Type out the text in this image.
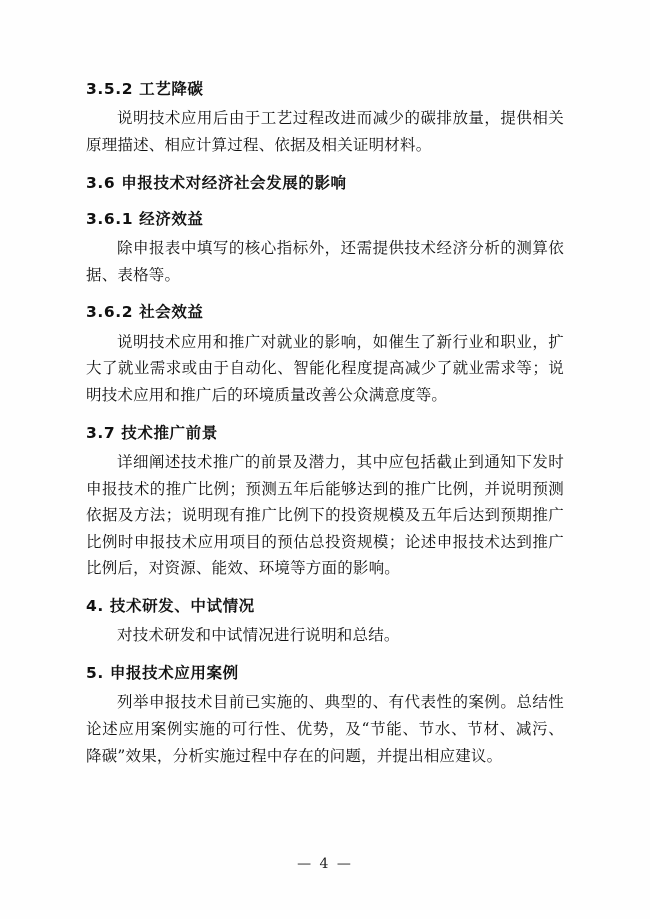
3.5.2 工艺降碳

说明技术应用后由于工艺过程改进而减少的碳排放量，提供相关原理描述、相应计算过程、依据及相关证明材料。

3.6 申报技术对经济社会发展的影响
3.6.1 经济效益

除申报表中填写的核心指标外，还需提供技术经济分析的测算依据、表格等。

3.6.2 社会效益

说明技术应用和推广对就业的影响，如催生了新行业和职业，扩大了就业需求或由于自动化、智能化程度提高减少了就业需求等；说明技术应用和推广后的环境质量改善公众满意度等。

3.7 技术推广前景

详细阐述技术推广的前景及潜力，其中应包括截止到通知下发时申报技术的推广比例；预测五年后能够达到的推广比例，并说明预测依据及方法；说明现有推广比例下的投资规模及五年后达到预期推广比例时申报技术应用项目的预估总投资规模；论述申报技术达到推广比例后，对资源、能效、环境等方面的影响。

4. 技术研发、中试情况

对技术研发和中试情况进行说明和总结。

5. 申报技术应用案例

列举申报技术目前已实施的、典型的、有代表性的案例。总结性论述应用案例实施的可行性、优势，及“节能、节水、节材、减污、降碳”效果，分析实施过程中存在的问题，并提出相应建议。

— 4 —
